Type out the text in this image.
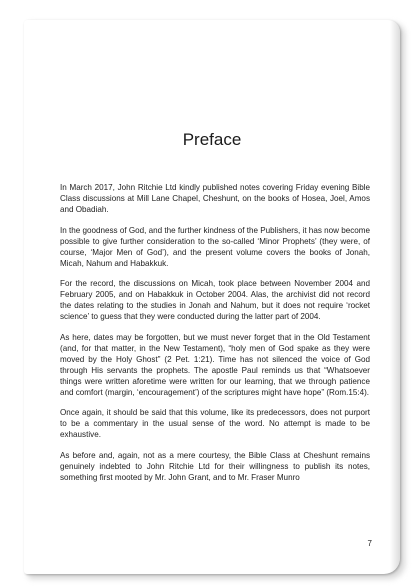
Preface

In March 2017, John Ritchie Ltd kindly published notes covering Friday evening Bible Class discussions at Mill Lane Chapel, Cheshunt, on the books of Hosea, Joel, Amos and Obadiah.

In the goodness of God, and the further kindness of the Publishers, it has now become possible to give further consideration to the so-called ‘Minor Prophets’ (they were, of course, ‘Major Men of God’), and the present volume covers the books of Jonah, Micah, Nahum and Habakkuk.

For the record, the discussions on Micah, took place between November 2004 and February 2005, and on Habakkuk in October 2004. Alas, the archivist did not record the dates relating to the studies in Jonah and Nahum, but it does not require ‘rocket science’ to guess that they were conducted during the latter part of 2004.

As here, dates may be forgotten, but we must never forget that in the Old Testament (and, for that matter, in the New Testament), “holy men of God spake as they were moved by the Holy Ghost” (2 Pet. 1:21). Time has not silenced the voice of God through His servants the prophets. The apostle Paul reminds us that “Whatsoever things were written aforetime were written for our learning, that we through patience and comfort (margin, ‘encouragement’) of the scriptures might have hope” (Rom.15:4).

Once again, it should be said that this volume, like its predecessors, does not purport to be a commentary in the usual sense of the word. No attempt is made to be exhaustive.

As before and, again, not as a mere courtesy, the Bible Class at Cheshunt remains genuinely indebted to John Ritchie Ltd for their willingness to publish its notes, something first mooted by Mr. John Grant, and to Mr. Fraser Munro

7
